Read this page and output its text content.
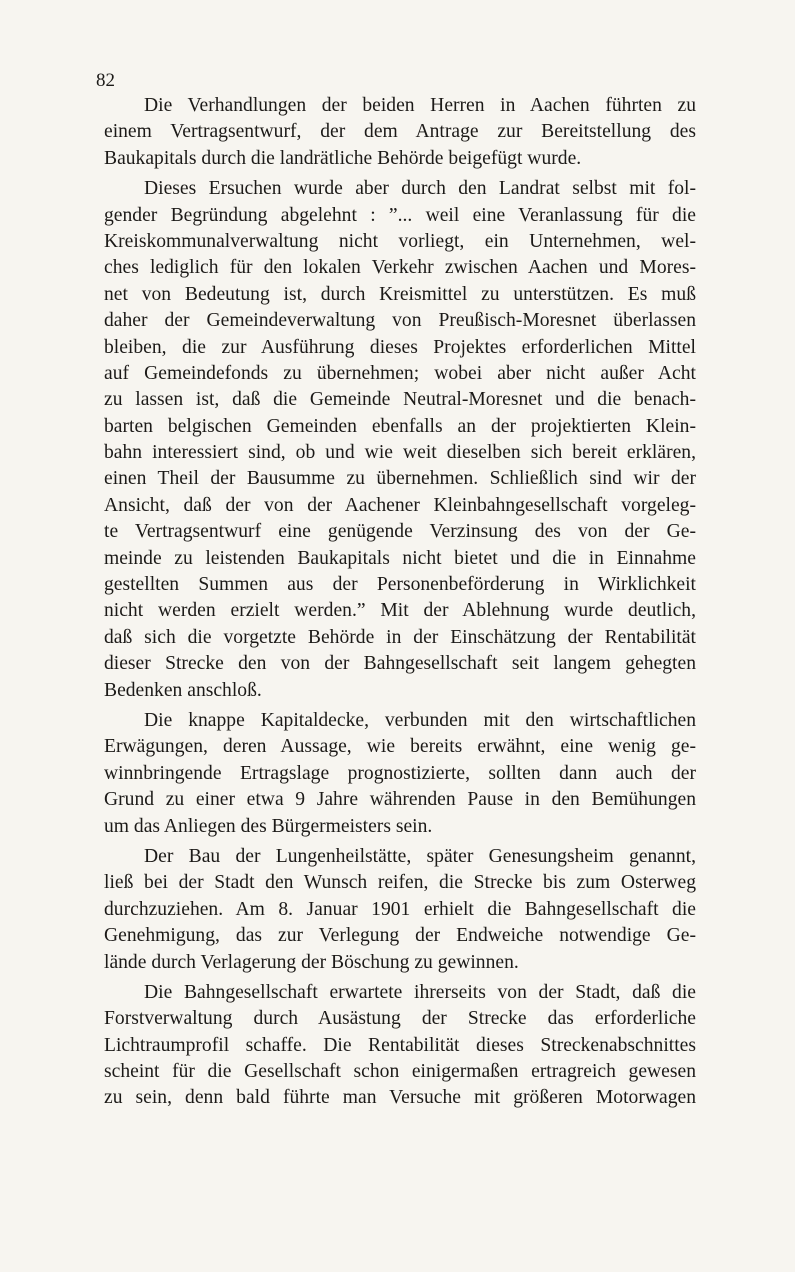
82
Die Verhandlungen der beiden Herren in Aachen führten zu
einem Vertragsentwurf, der dem Antrage zur Bereitstellung des
Baukapitals durch die landrätliche Behörde beigefügt wurde.
Dieses Ersuchen wurde aber durch den Landrat selbst mit fol-
gender Begründung abgelehnt : ”... weil eine Veranlassung für die
Kreiskommunalverwaltung nicht vorliegt, ein Unternehmen, wel-
ches lediglich für den lokalen Verkehr zwischen Aachen und Mores-
net von Bedeutung ist, durch Kreismittel zu unterstützen. Es muß
daher der Gemeindeverwaltung von Preußisch-Moresnet überlassen
bleiben, die zur Ausführung dieses Projektes erforderlichen Mittel
auf Gemeindefonds zu übernehmen; wobei aber nicht außer Acht
zu lassen ist, daß die Gemeinde Neutral-Moresnet und die benach-
barten belgischen Gemeinden ebenfalls an der projektierten Klein-
bahn interessiert sind, ob und wie weit dieselben sich bereit erklären,
einen Theil der Bausumme zu übernehmen. Schließlich sind wir der
Ansicht, daß der von der Aachener Kleinbahngesellschaft vorgeleg-
te Vertragsentwurf eine genügende Verzinsung des von der Ge-
meinde zu leistenden Baukapitals nicht bietet und die in Einnahme
gestellten Summen aus der Personenbeförderung in Wirklichkeit
nicht werden erzielt werden.” Mit der Ablehnung wurde deutlich,
daß sich die vorgetzte Behörde in der Einschätzung der Rentabilität
dieser Strecke den von der Bahngesellschaft seit langem gehegten
Bedenken anschloß.
Die knappe Kapitaldecke, verbunden mit den wirtschaftlichen
Erwägungen, deren Aussage, wie bereits erwähnt, eine wenig ge-
winnbringende Ertragslage prognostizierte, sollten dann auch der
Grund zu einer etwa 9 Jahre währenden Pause in den Bemühungen
um das Anliegen des Bürgermeisters sein.
Der Bau der Lungenheilstätte, später Genesungsheim genannt,
ließ bei der Stadt den Wunsch reifen, die Strecke bis zum Osterweg
durchzuziehen. Am 8. Januar 1901 erhielt die Bahngesellschaft die
Genehmigung, das zur Verlegung der Endweiche notwendige Ge-
lände durch Verlagerung der Böschung zu gewinnen.
Die Bahngesellschaft erwartete ihrerseits von der Stadt, daß die
Forstverwaltung durch Ausästung der Strecke das erforderliche
Lichtraumprofil schaffe. Die Rentabilität dieses Streckenabschnittes
scheint für die Gesellschaft schon einigermaßen ertragreich gewesen
zu sein, denn bald führte man Versuche mit größeren Motorwagen
